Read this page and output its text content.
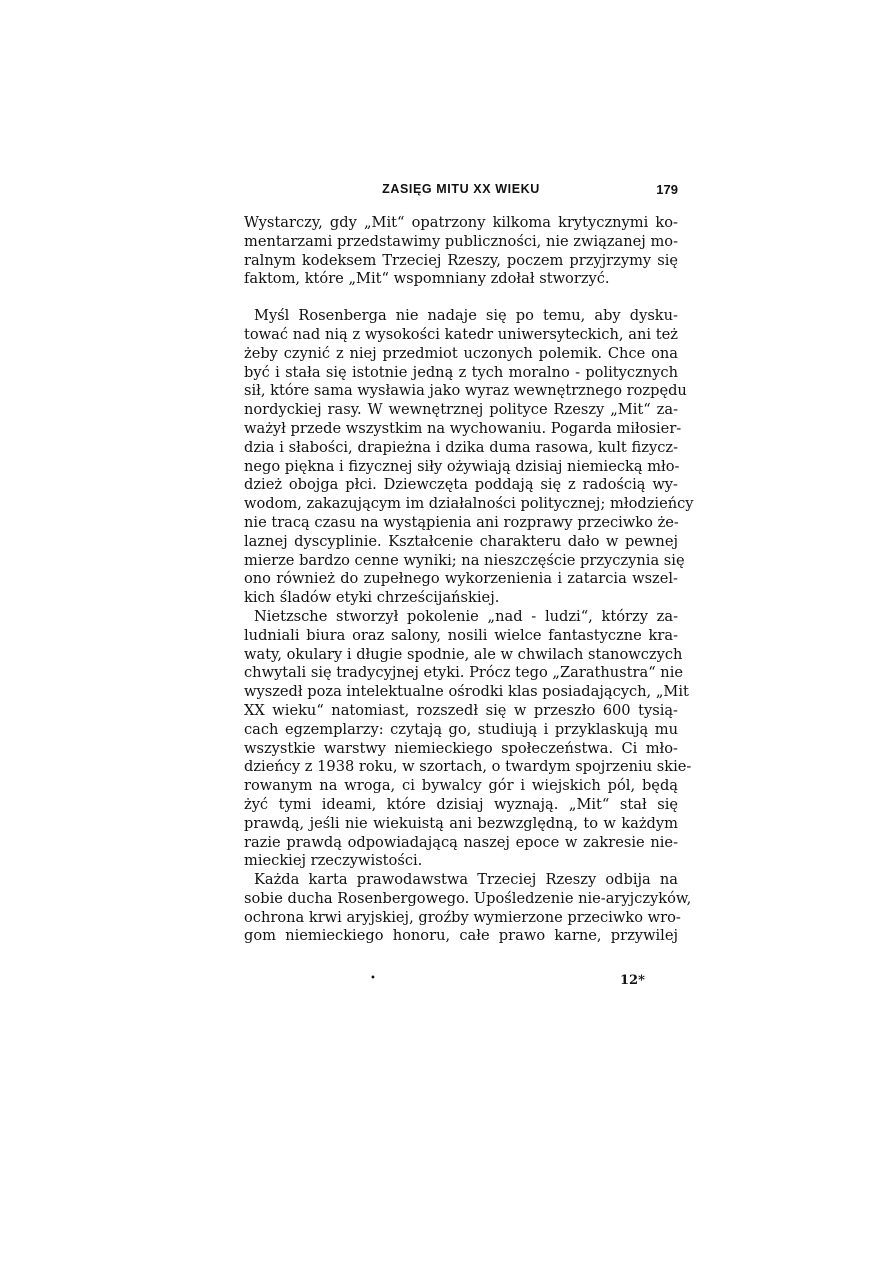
ZASIĘG MITU XX WIEKU	179
Wystarczy, gdy „Mit“ opatrzony kilkoma krytycznymi ko-
mentarzami przedstawimy publiczności, nie związanej mo-
ralnym kodeksem Trzeciej Rzeszy, poczem przyjrzymy się
faktom, które „Mit“ wspomniany zdołał stworzyć.
Myśl Rosenberga nie nadaje się po temu, aby dysku-
tować nad nią z wysokości katedr uniwersyteckich, ani też
żeby czynić z niej przedmiot uczonych polemik. Chce ona
być i stała się istotnie jedną z tych moralno - politycznych
sił, które sama wysławia jako wyraz wewnętrznego rozpędu
nordyckiej rasy. W wewnętrznej polityce Rzeszy „Mit“ za-
ważył przede wszystkim na wychowaniu. Pogarda miłosier-
dzia i słabości, drapieżna i dzika duma rasowa, kult fizycz-
nego piękna i fizycznej siły ożywiają dzisiaj niemiecką mło-
dzież obojga płci. Dziewczęta poddają się z radością wy-
wodom, zakazującym im działalności politycznej; młodzieńcy
nie tracą czasu na wystąpienia ani rozprawy przeciwko że-
laznej dyscyplinie. Kształcenie charakteru dało w pewnej
mierze bardzo cenne wyniki; na nieszczęście przyczynia się
ono również do zupełnego wykorzenienia i zatarcia wszel-
kich śladów etyki chrześcijańskiej.
Nietzsche stworzył pokolenie „nad - ludzi“, którzy za-
ludniali biura oraz salony, nosili wielce fantastyczne kra-
waty, okulary i długie spodnie, ale w chwilach stanowczych
chwytali się tradycyjnej etyki. Prócz tego „Zarathustra“ nie
wyszedł poza intelektualne ośrodki klas posiadających, „Mit
XX wieku“ natomiast, rozszedł się w przeszło 600 tysią-
cach egzemplarzy: czytają go, studiują i przyklaskują mu
wszystkie warstwy niemieckiego społeczeństwa. Ci mło-
dzieńcy z 1938 roku, w szortach, o twardym spojrzeniu skie-
rowanym na wroga, ci bywalcy gór i wiejskich pól, będą
żyć tymi ideami, które dzisiaj wyznają. „Mit“ stał się
prawdą, jeśli nie wiekuistą ani bezwzględną, to w każdym
razie prawdą odpowiadającą naszej epoce w zakresie nie-
mieckiej rzeczywistości.
Każda karta prawodawstwa Trzeciej Rzeszy odbija na
sobie ducha Rosenbergowego. Upośledzenie nie-aryjczyków,
ochrona krwi aryjskiej, groźby wymierzone przeciwko wro-
gom niemieckiego honoru, całe prawo karne, przywilej
•	12*
